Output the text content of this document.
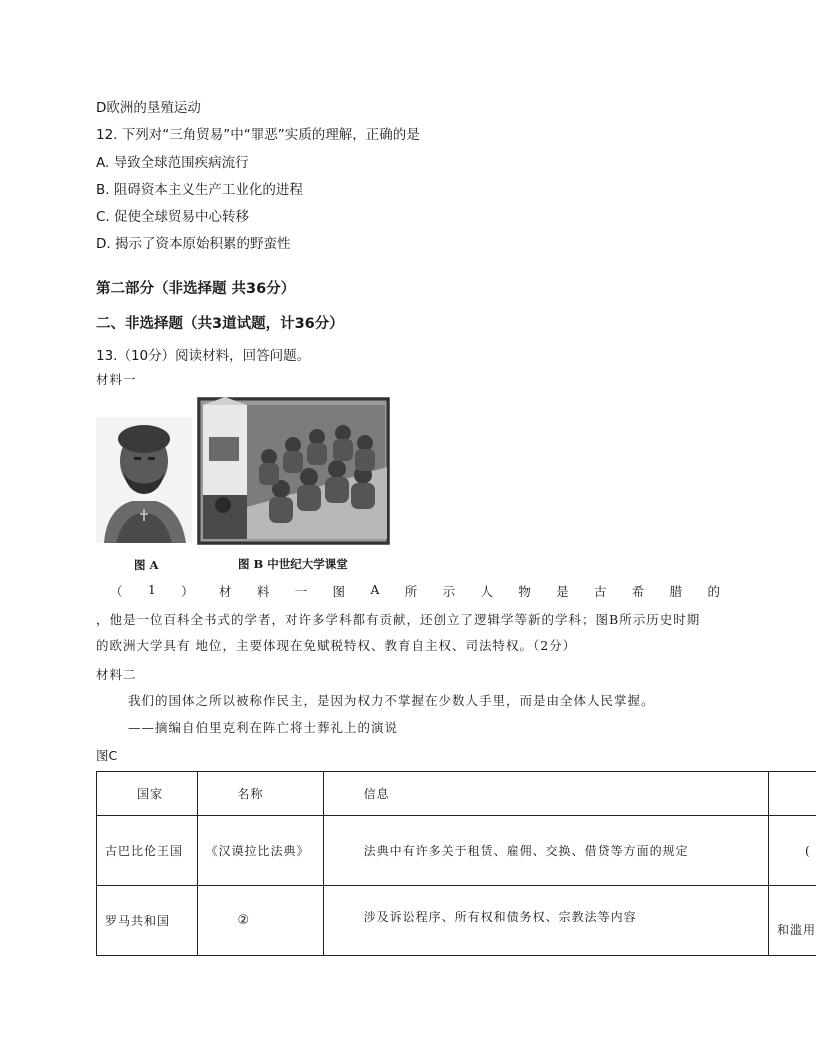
D欧洲的垦殖运动
12. 下列对“三角贸易”中“罪恶”实质的理解，正确的是
A. 导致全球范围疾病流行
B. 阻碍资本主义生产工业化的进程
C. 促使全球贸易中心转移
D. 揭示了资本原始积累的野蛮性
第二部分（非选择题 共36分）
二、非选择题（共3道试题，计36分）
13.（10分）阅读材料，回答问题。
材料一
图 A	图 B 中世纪大学课堂
（ 1 ） 材 料 一 图 A 所 示 人 物 是 古 希 腊 的
，他是一位百科全书式的学者，对许多学科都有贡献，还创立了逻辑学等新的学科；图B所示历史时期
的欧洲大学具有 地位，主要体现在免赋税特权、教育自主权、司法特权。（2分）
材料二
我们的国体之所以被称作民主，是因为权力不掌握在少数人手里，而是由全体人民掌握。
——摘编自伯里克利在阵亡将士葬礼上的演说
图C
国家	名称	信息	

古巴比伦王国	《汉谟拉比法典》	法典中有许多关于租赁、雇佣、交换、借贷等方面的规定	(

罗马共和国	②	涉及诉讼程序、所有权和债务权、宗教法等内容	和滥用
